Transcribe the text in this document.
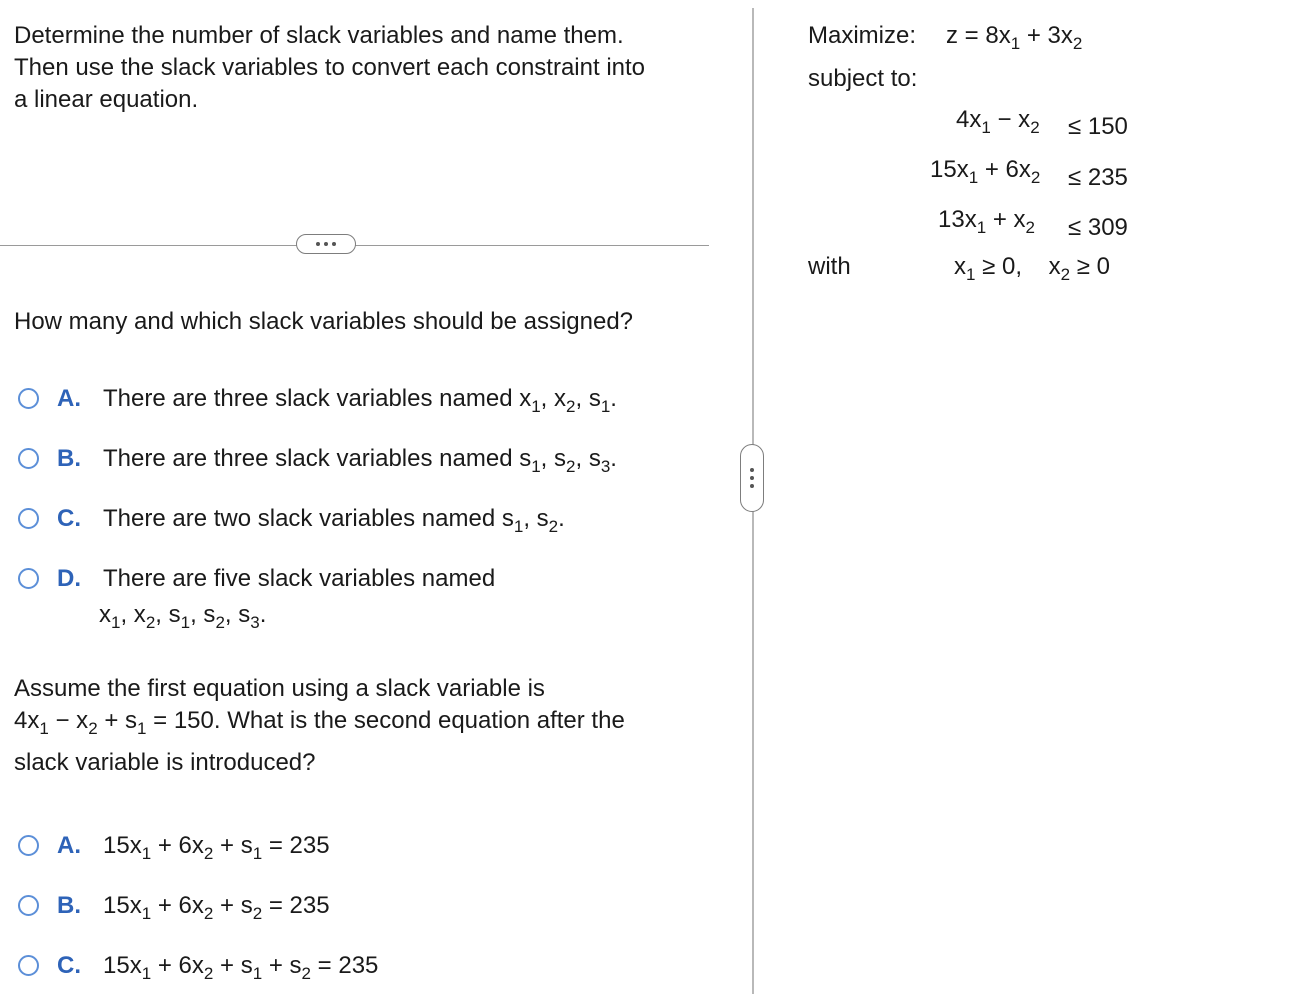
Determine the number of slack variables and name them.
Then use the slack variables to convert each constraint into
a linear equation.
How many and which slack variables should be assigned?
A. There are three slack variables named $x_1$, $x_2$, $s_1$.
B. There are three slack variables named $s_1$, $s_2$, $s_3$.
C. There are two slack variables named $s_1$, $s_2$.
D. There are five slack variables named
$x_1$, $x_2$, $s_1$, $s_2$, $s_3$.
Assume the first equation using a slack variable is
$4x_1 - x_2 + s_1 = 150$. What is the second equation after the
slack variable is introduced?
A. $15x_1 + 6x_2 + s_1 = 235$
B. $15x_1 + 6x_2 + s_2 = 235$
C. $15x_1 + 6x_2 + s_1 + s_2 = 235$
Maximize: $z = 8x_1 + 3x_2$
subject to:
$4x_1 - x_2 \le 150$
$15x_1 + 6x_2 \le 235$
$13x_1 + x_2 \le 309$
with	$x_1 \ge 0$,    $x_2 \ge 0$
